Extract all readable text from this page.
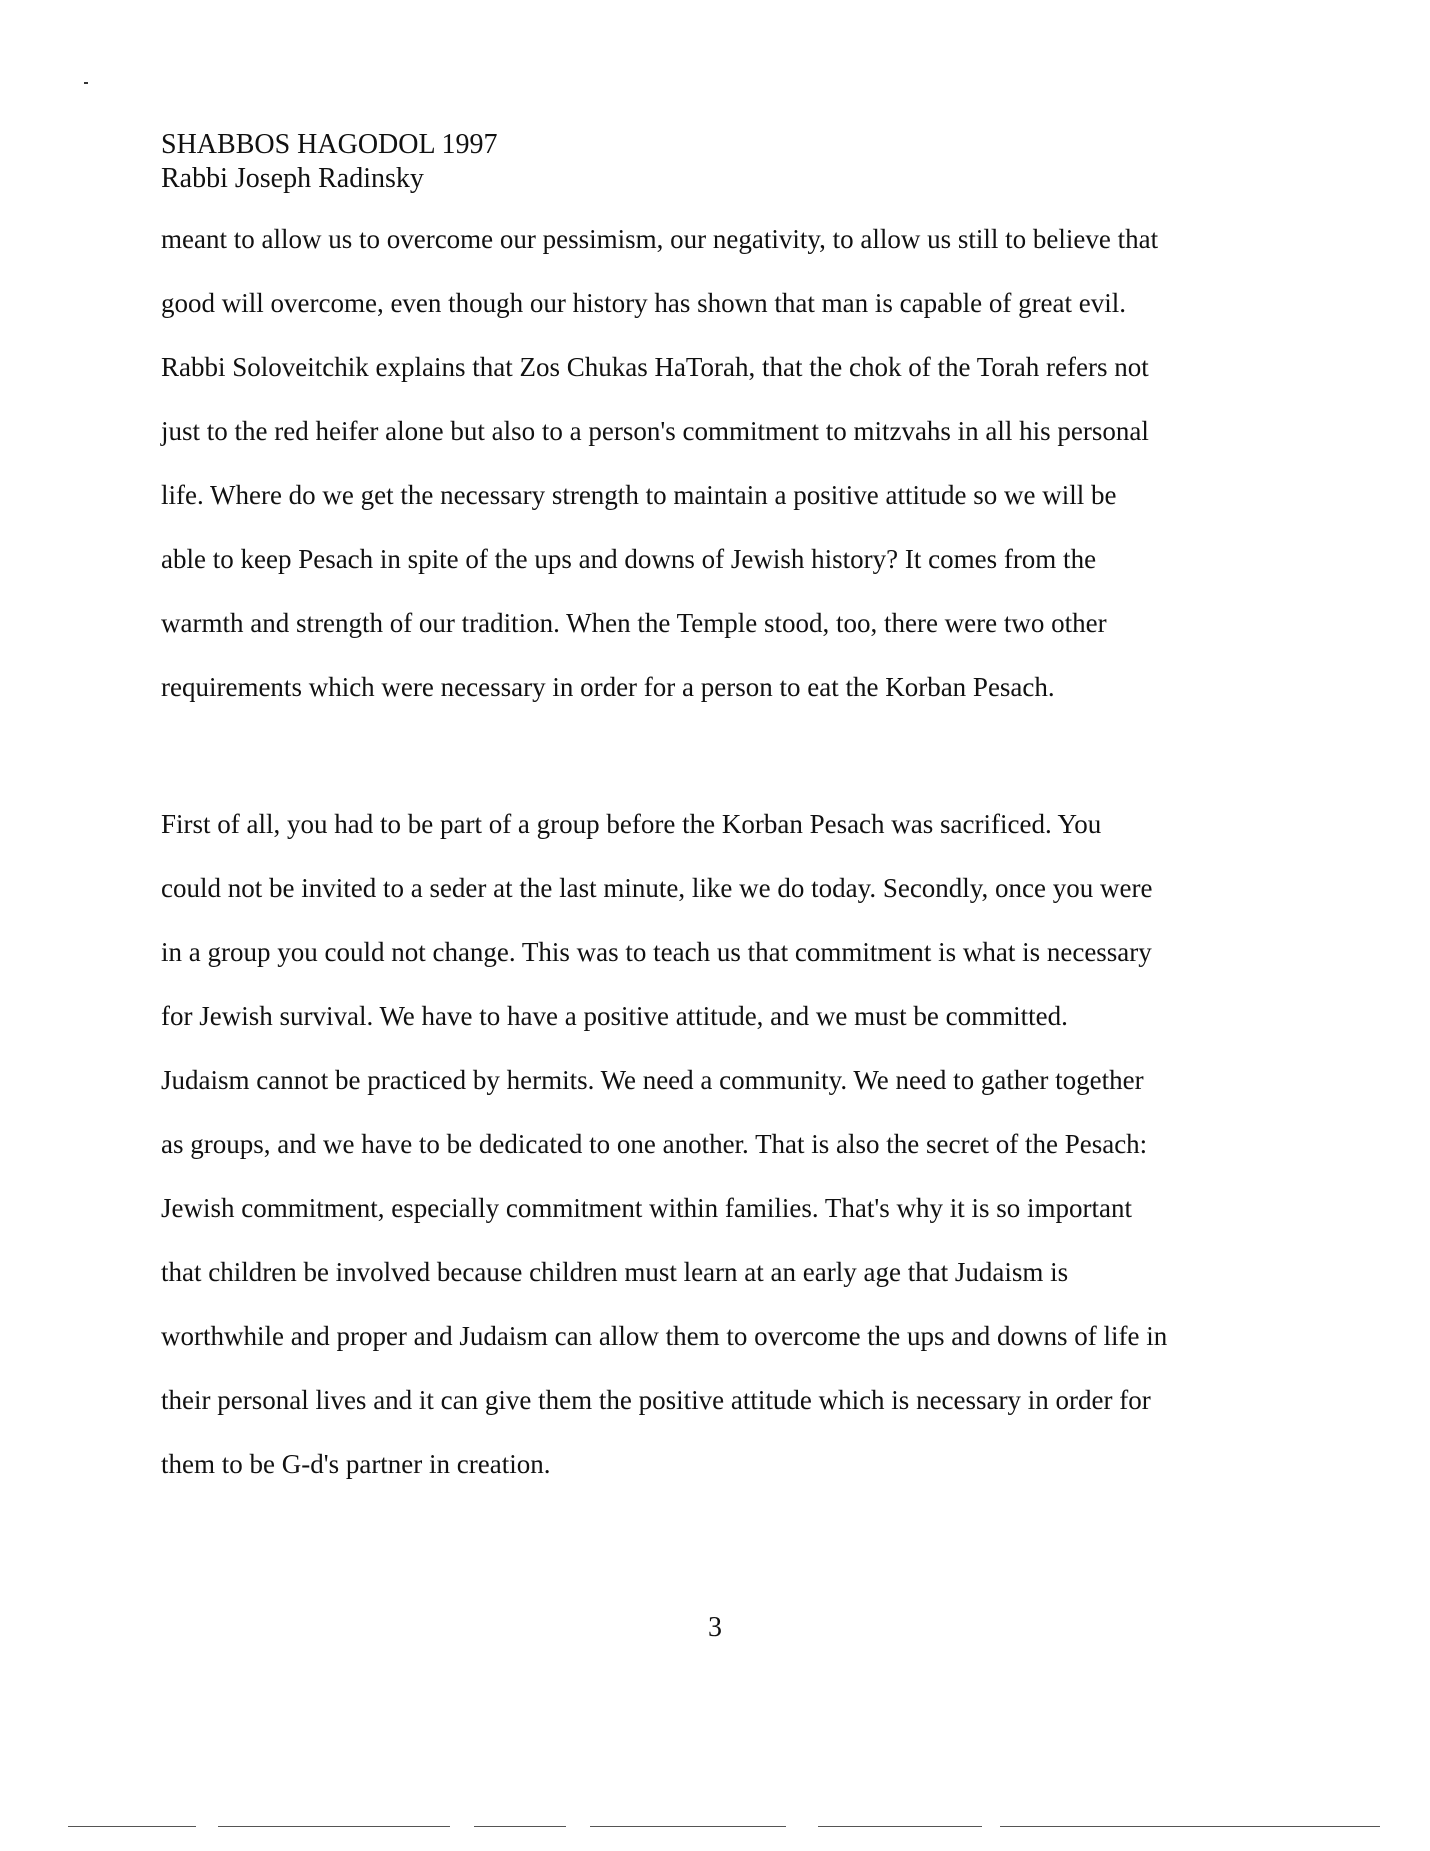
SHABBOS HAGODOL 1997
Rabbi Joseph Radinsky
meant to allow us to overcome our pessimism, our negativity, to allow us still to believe that
good will overcome, even though our history has shown that man is capable of great evil.
Rabbi Soloveitchik explains that Zos Chukas HaTorah, that the chok of the Torah refers not
just to the red heifer alone but also to a person's commitment to mitzvahs in all his personal
life. Where do we get the necessary strength to maintain a positive attitude so we will be
able to keep Pesach in spite of the ups and downs of Jewish history? It comes from the
warmth and strength of our tradition. When the Temple stood, too, there were two other
requirements which were necessary in order for a person to eat the Korban Pesach.
First of all, you had to be part of a group before the Korban Pesach was sacrificed. You
could not be invited to a seder at the last minute, like we do today. Secondly, once you were
in a group you could not change. This was to teach us that commitment is what is necessary
for Jewish survival. We have to have a positive attitude, and we must be committed.
Judaism cannot be practiced by hermits. We need a community. We need to gather together
as groups, and we have to be dedicated to one another. That is also the secret of the Pesach:
Jewish commitment, especially commitment within families. That's why it is so important
that children be involved because children must learn at an early age that Judaism is
worthwhile and proper and Judaism can allow them to overcome the ups and downs of life in
their personal lives and it can give them the positive attitude which is necessary in order for
them to be G-d's partner in creation.
3
